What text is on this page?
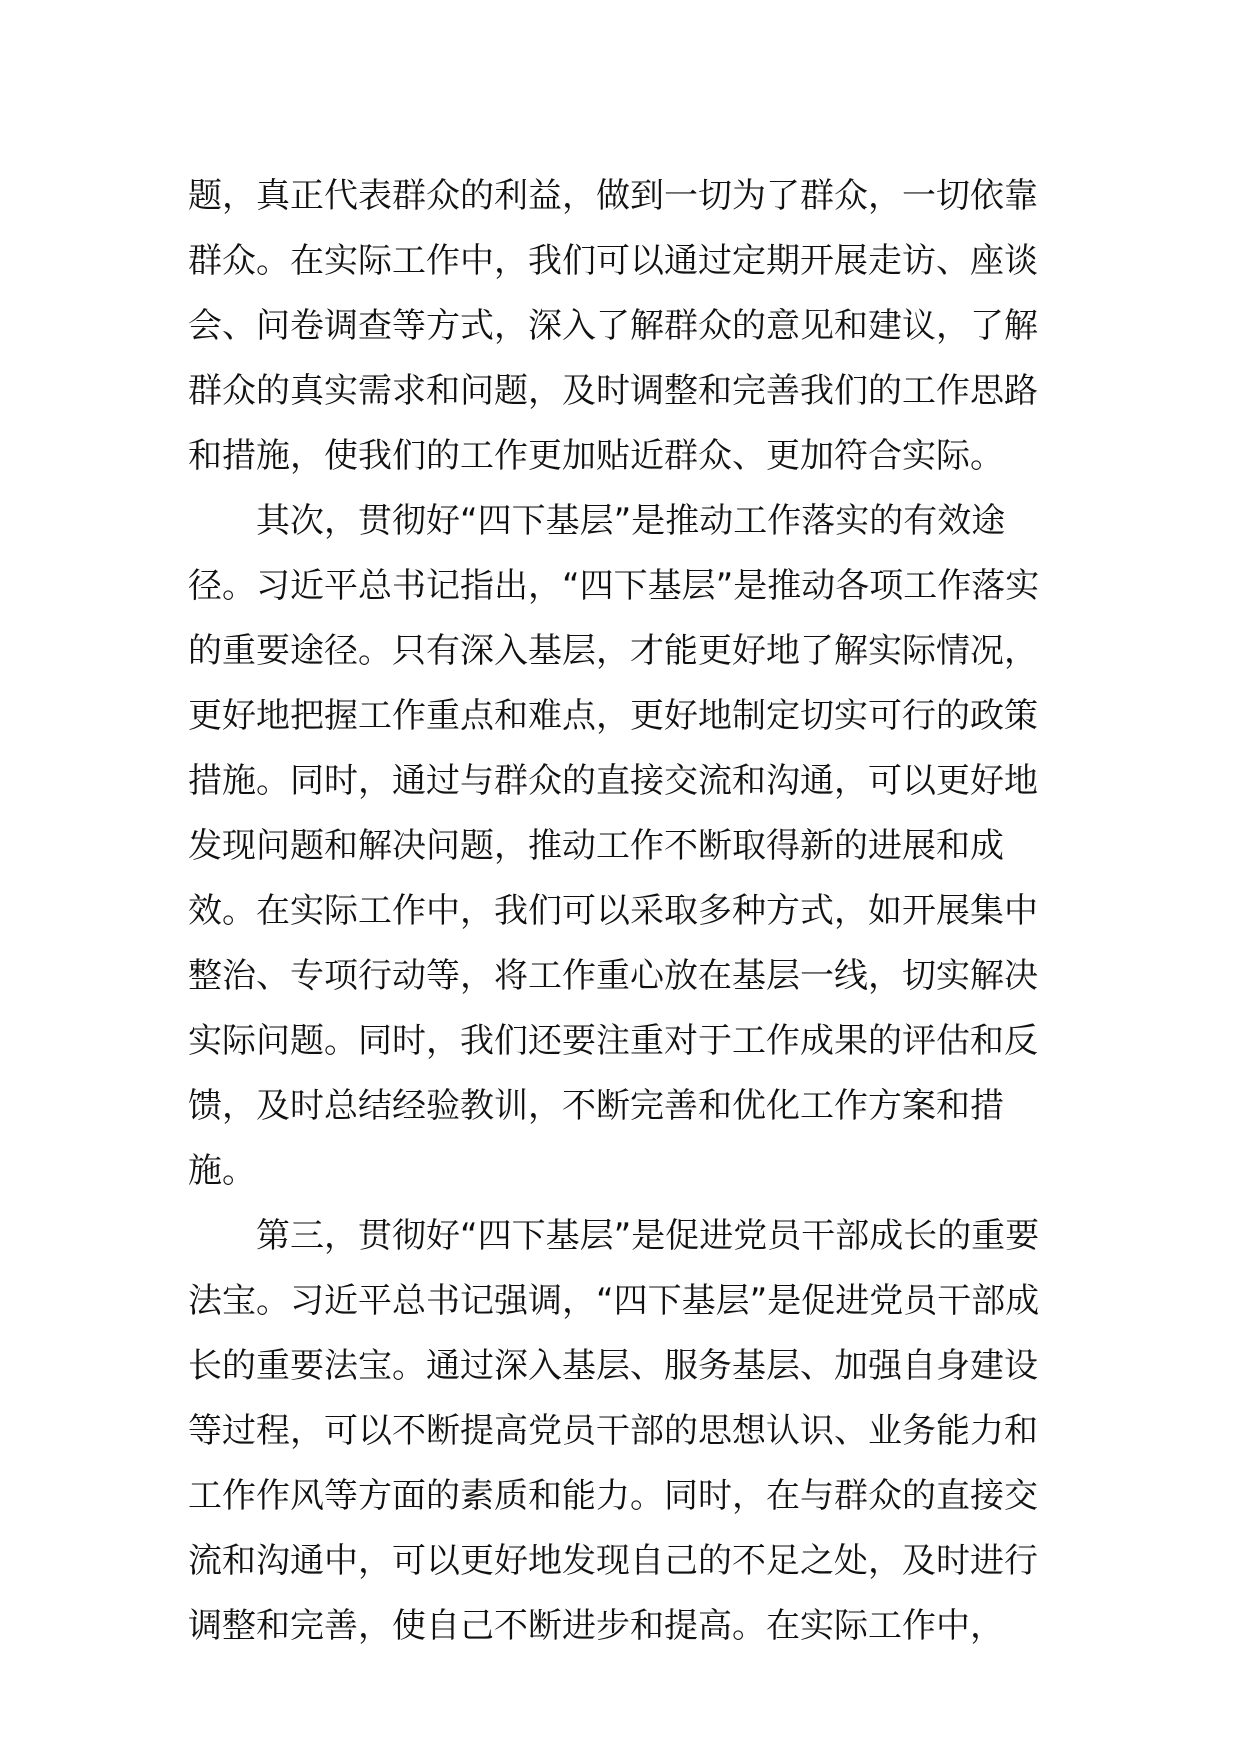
题，真正代表群众的利益，做到一切为了群众，一切依靠群众。在实际工作中，我们可以通过定期开展走访、座谈会、问卷调查等方式，深入了解群众的意见和建议，了解群众的真实需求和问题，及时调整和完善我们的工作思路和措施，使我们的工作更加贴近群众、更加符合实际。

其次，贯彻好“四下基层”是推动工作落实的有效途径。习近平总书记指出，“四下基层”是推动各项工作落实的重要途径。只有深入基层，才能更好地了解实际情况，更好地把握工作重点和难点，更好地制定切实可行的政策措施。同时，通过与群众的直接交流和沟通，可以更好地发现问题和解决问题，推动工作不断取得新的进展和成效。在实际工作中，我们可以采取多种方式，如开展集中整治、专项行动等，将工作重心放在基层一线，切实解决实际问题。同时，我们还要注重对于工作成果的评估和反馈，及时总结经验教训，不断完善和优化工作方案和措施。

第三，贯彻好“四下基层”是促进党员干部成长的重要法宝。习近平总书记强调，“四下基层”是促进党员干部成长的重要法宝。通过深入基层、服务基层、加强自身建设等过程，可以不断提高党员干部的思想认识、业务能力和工作作风等方面的素质和能力。同时，在与群众的直接交流和沟通中，可以更好地发现自己的不足之处，及时进行调整和完善，使自己不断进步和提高。在实际工作中，
